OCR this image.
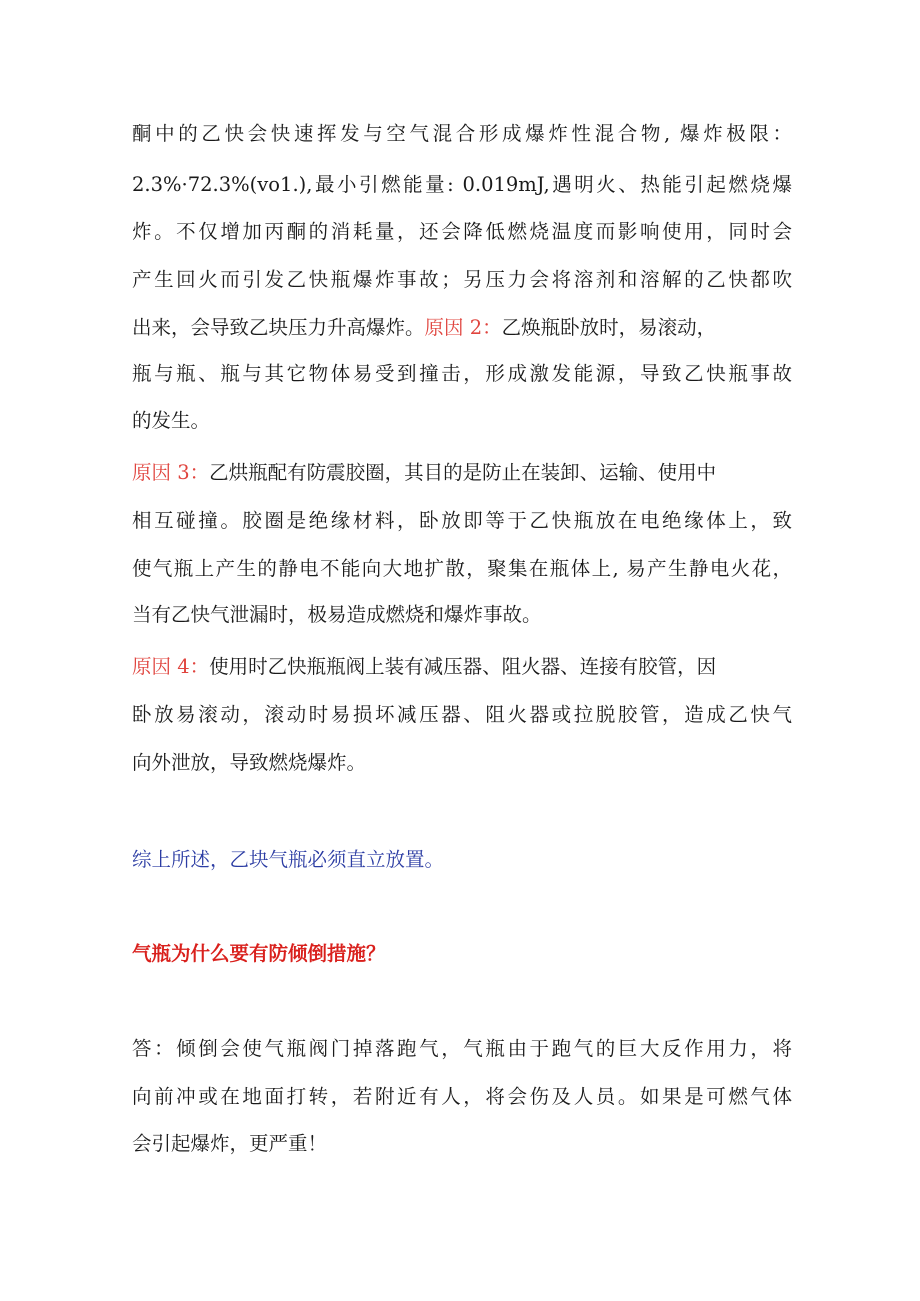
酮中的乙快会快速挥发与空气混合形成爆炸性混合物, 爆炸极限：
2.3%·72.3%(vo1.),最小引燃能量: 0.019mJ,遇明火、热能引起燃烧爆
炸。不仅增加丙酮的消耗量，还会降低燃烧温度而影响使用，同时会
产生回火而引发乙快瓶爆炸事故；另压力会将溶剂和溶解的乙快都吹
出来，会导致乙块压力升高爆炸。原因 2：乙焕瓶卧放时，易滚动，
瓶与瓶、瓶与其它物体易受到撞击，形成激发能源，导致乙快瓶事故
的发生。
原因 3：乙烘瓶配有防震胶圈，其目的是防止在装卸、运输、使用中
相互碰撞。胶圈是绝缘材料，卧放即等于乙快瓶放在电绝缘体上，致
使气瓶上产生的静电不能向大地扩散，聚集在瓶体上, 易产生静电火花，
当有乙快气泄漏时，极易造成燃烧和爆炸事故。
原因 4：使用时乙快瓶瓶阀上装有减压器、阻火器、连接有胶管，因
卧放易滚动，滚动时易损坏减压器、阻火器或拉脱胶管，造成乙快气
向外泄放，导致燃烧爆炸。
综上所述，乙块气瓶必须直立放置。
气瓶为什么要有防倾倒措施？
答：倾倒会使气瓶阀门掉落跑气，气瓶由于跑气的巨大反作用力，将
向前冲或在地面打转，若附近有人，将会伤及人员。如果是可燃气体
会引起爆炸，更严重！
